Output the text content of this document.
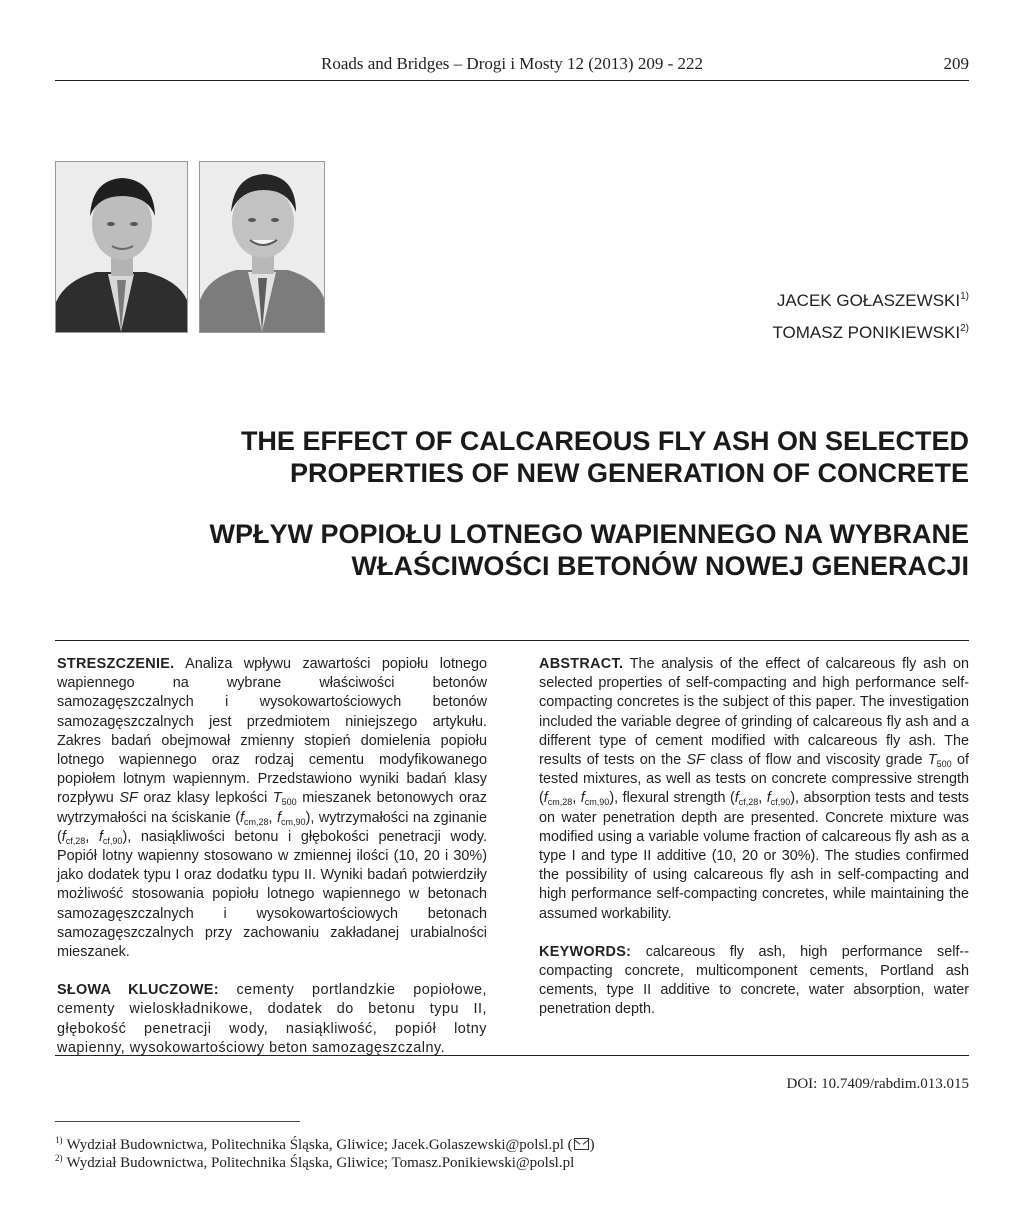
Roads and Bridges – Drogi i Mosty 12 (2013) 209 - 222	209
JACEK GOŁASZEWSKI$^{1)}$
TOMASZ PONIKIEWSKI$^{2)}$
THE EFFECT OF CALCAREOUS FLY ASH ON SELECTED
PROPERTIES OF NEW GENERATION OF CONCRETE
WPŁYW POPIOŁU LOTNEGO WAPIENNEGO NA WYBRANE
WŁAŚCIWOŚCI BETONÓW NOWEJ GENERACJI
STRESZCZENIE. Analiza wpływu zawartości popiołu lotnego wapiennego na wybrane właściwości betonów samozagęszczalnych i wysokowartościowych betonów samozagęszczalnych jest przedmiotem niniejszego artykułu. Zakres badań obejmował zmienny stopień domielenia popiołu lotnego wapiennego oraz rodzaj cementu modyfikowanego popiołem lotnym wapiennym. Przedstawiono wyniki badań klasy rozpływu SF oraz klasy lepkości $T_{500}$ mieszanek betonowych oraz wytrzymałości na ściskanie ($f_{cm,28}$, $f_{cm,90}$), wytrzymałości na zginanie ($f_{cf,28}$, $f_{cf,90}$), nasiąkliwości betonu i głębokości penetracji wody. Popiół lotny wapienny stosowano w zmiennej ilości (10, 20 i 30%) jako dodatek typu I oraz dodatku typu II. Wyniki badań potwierdziły możliwość stosowania popiołu lotnego wapiennego w betonach samozagęszczalnych i wysokowartościowych betonach samozagęszczalnych przy zachowaniu zakładanej urabialności mieszanek.
SŁOWA KLUCZOWE: cementy portlandzkie popiołowe, cementy wieloskładnikowe, dodatek do betonu typu II, głębokość penetracji wody, nasiąkliwość, popiół lotny wapienny, wysokowartościowy beton samozagęszczalny.
ABSTRACT. The analysis of the effect of calcareous fly ash on selected properties of self-compacting and high performance self-compacting concretes is the subject of this paper. The investigation included the variable degree of grinding of calcareous fly ash and a different type of cement modified with calcareous fly ash. The results of tests on the SF class of flow and viscosity grade $T_{500}$ of tested mixtures, as well as tests on concrete compressive strength ($f_{cm,28}$, $f_{cm,90}$), flexural strength ($f_{cf,28}$, $f_{cf,90}$), absorption tests and tests on water penetration depth are presented. Concrete mixture was modified using a variable volume fraction of calcareous fly ash as a type I and type II additive (10, 20 or 30%). The studies confirmed the possibility of using calcareous fly ash in self-compacting and high performance self-compacting concretes, while maintaining the assumed workability.
KEYWORDS: calcareous fly ash, high performance self--compacting concrete, multicomponent cements, Portland ash cements, type II additive to concrete, water absorption, water penetration depth.
DOI: 10.7409/rabdim.013.015
$^{1)}$ Wydział Budownictwa, Politechnika Śląska, Gliwice; Jacek.Golaszewski@polsl.pl ( )
$^{2)}$ Wydział Budownictwa, Politechnika Śląska, Gliwice; Tomasz.Ponikiewski@polsl.pl
